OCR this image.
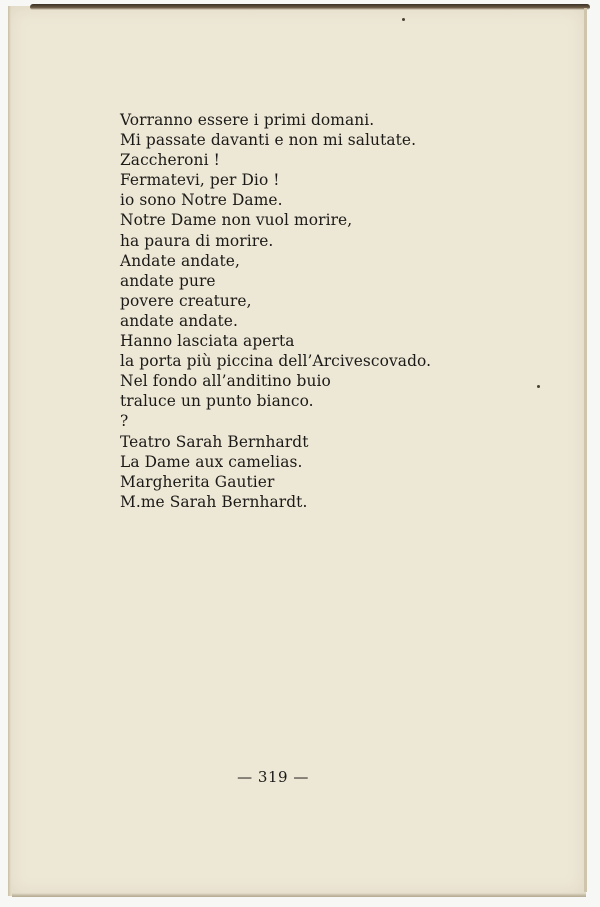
Vorranno essere i primi domani.
Mi passate davanti e non mi salutate.
Zaccheroni !
Fermatevi, per Dio !
io sono Notre Dame.
Notre Dame non vuol morire,
ha paura di morire.
Andate andate,
andate pure
povere creature,
andate andate.
Hanno lasciata aperta
la porta più piccina dell’Arcivescovado.
Nel fondo all’anditino buio
traluce un punto bianco.
?
Teatro Sarah Bernhardt
La Dame aux camelias.
Margherita Gautier
M.me Sarah Bernhardt.
— 319 —
